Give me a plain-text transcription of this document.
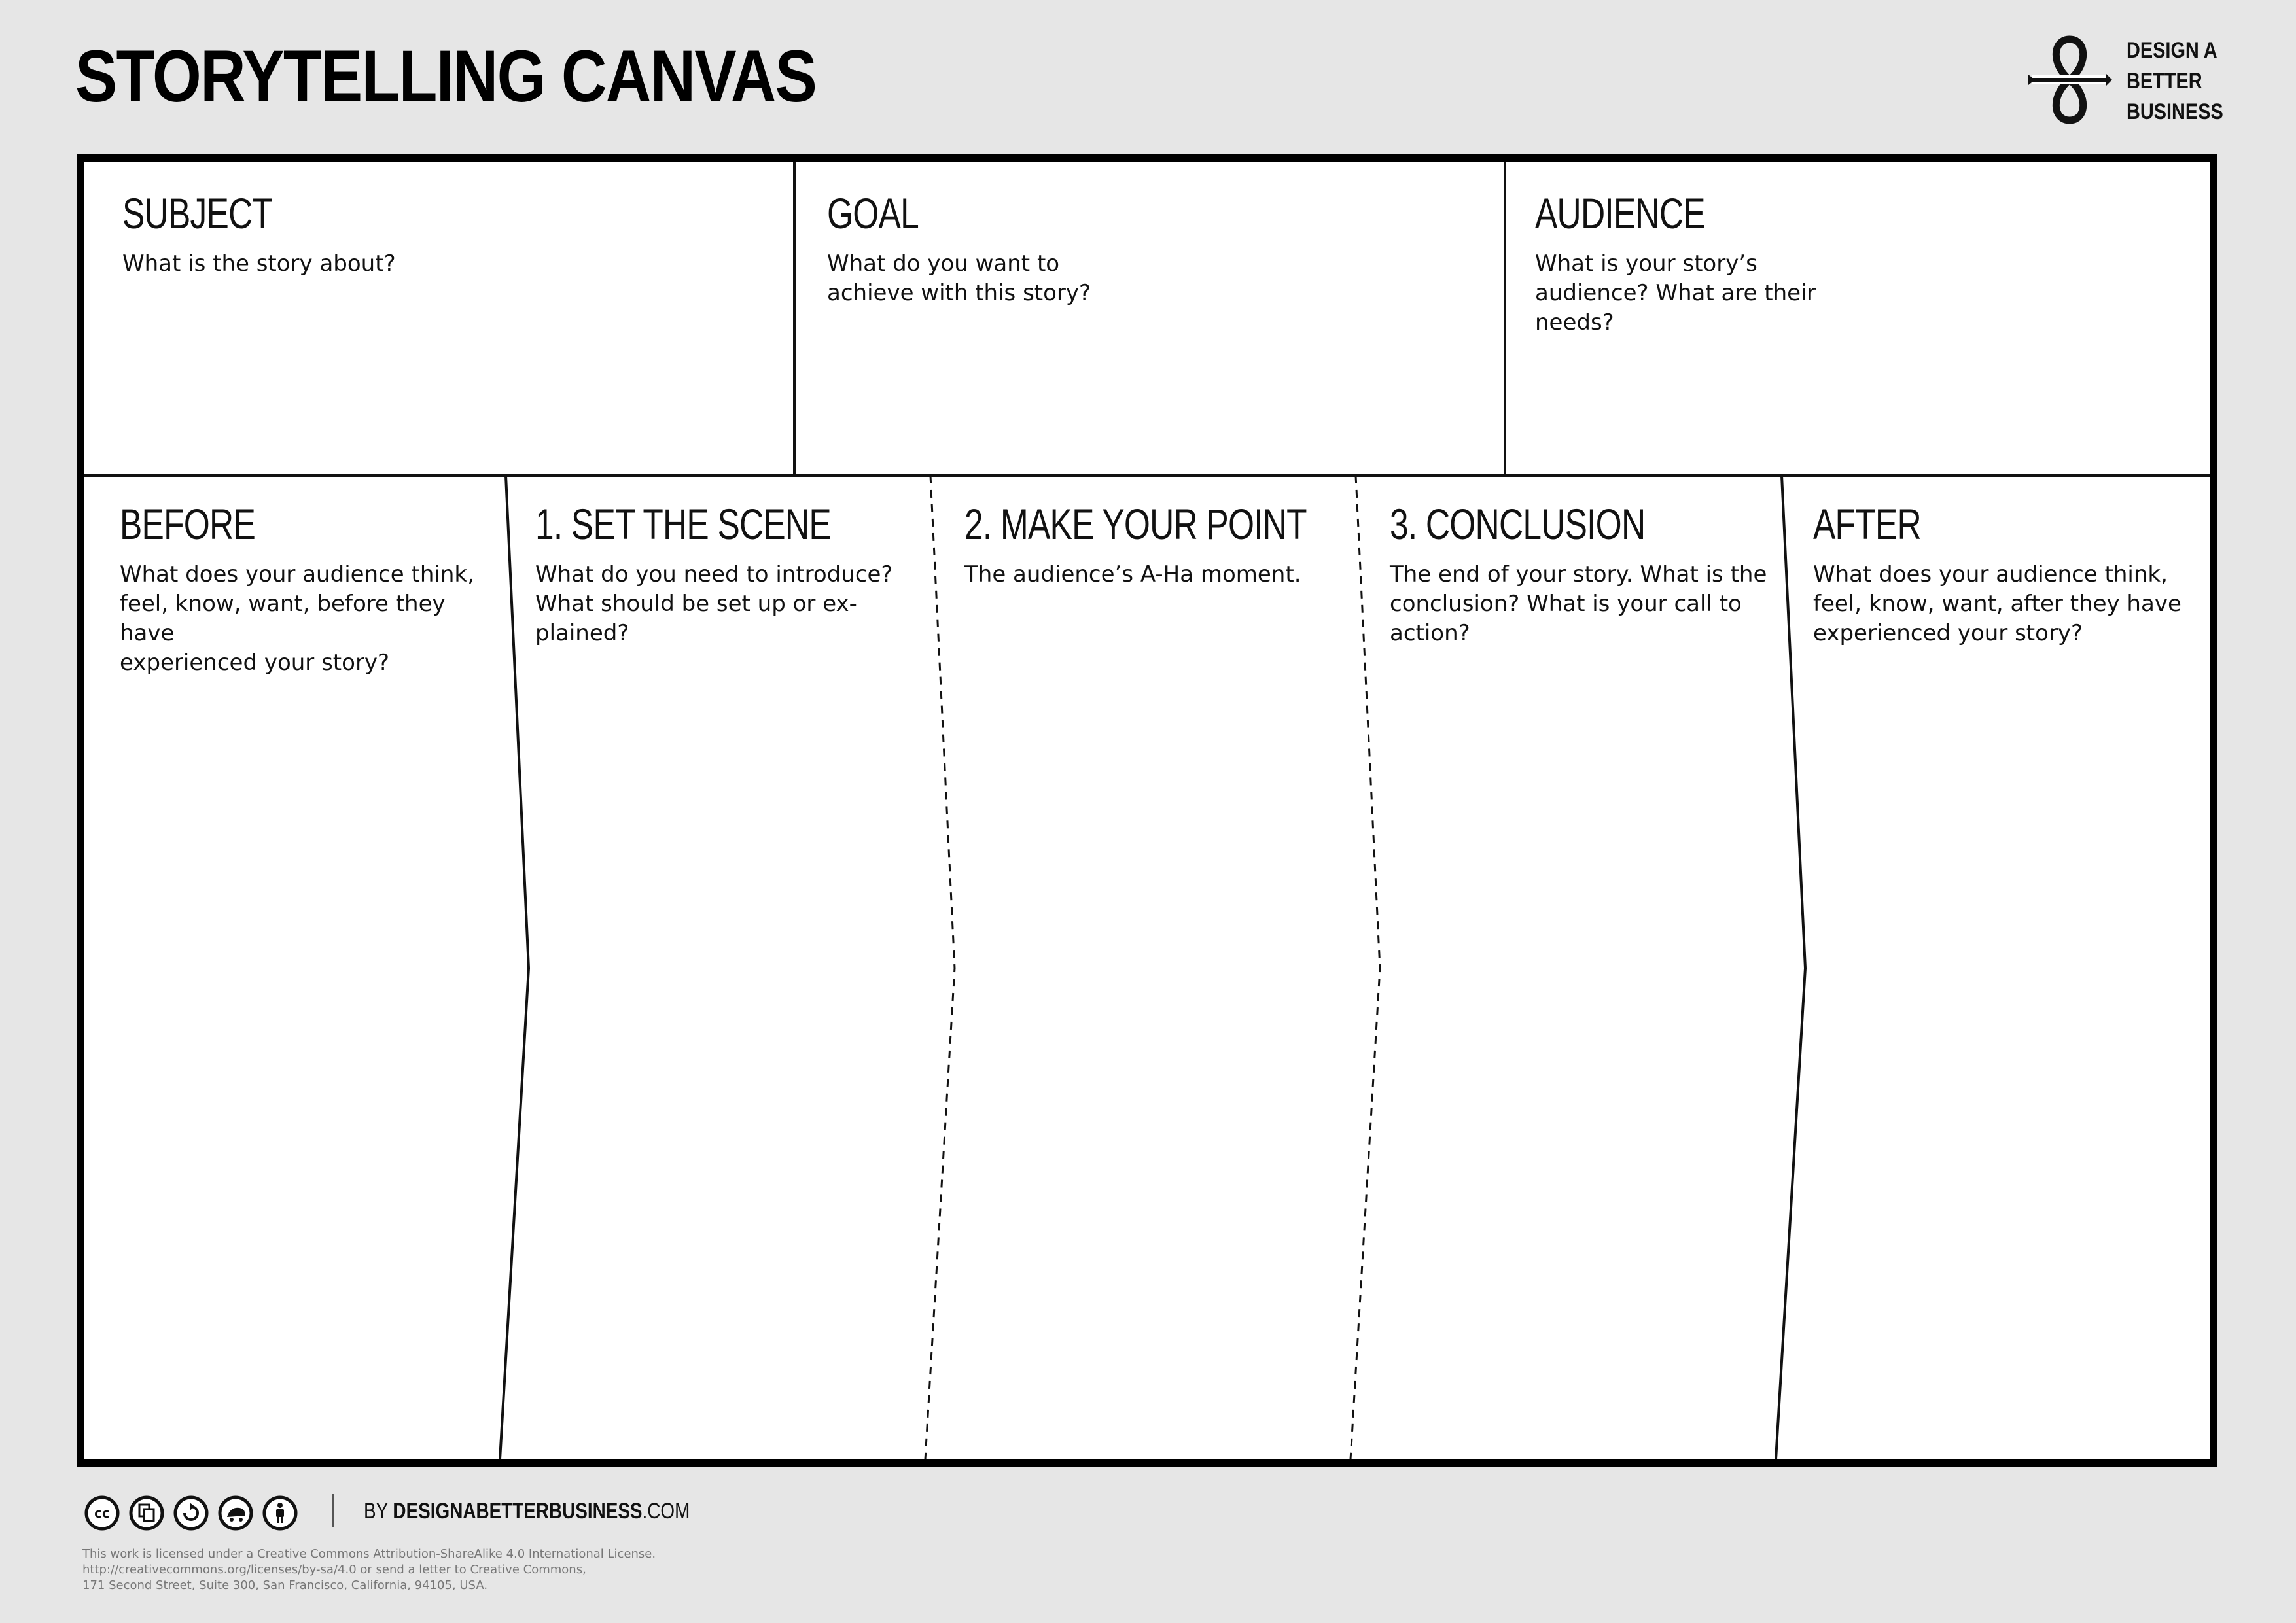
STORYTELLING CANVAS	DESIGN A
BETTER
BUSINESS
SUBJECT
What is the story about?
GOAL
What do you want to
achieve with this story?
AUDIENCE
What is your story’s
audience? What are their
needs?
BEFORE
What does your audience think,
feel, know, want, before they have
experienced your story?
1. SET THE SCENE
What do you need to introduce?
What should be set up or ex-
plained?
2. MAKE YOUR POINT
The audience’s A-Ha moment.
3. CONCLUSION
The end of your story. What is the
conclusion? What is your call to
action?
AFTER
What does your audience think,
feel, know, want, after they have
experienced your story?
cc	BY DESIGNABETTERBUSINESS.COM
This work is licensed under a Creative Commons Attribution-ShareAlike 4.0 International License.
http://creativecommons.org/licenses/by-sa/4.0 or send a letter to Creative Commons,
171 Second Street, Suite 300, San Francisco, California, 94105, USA.
